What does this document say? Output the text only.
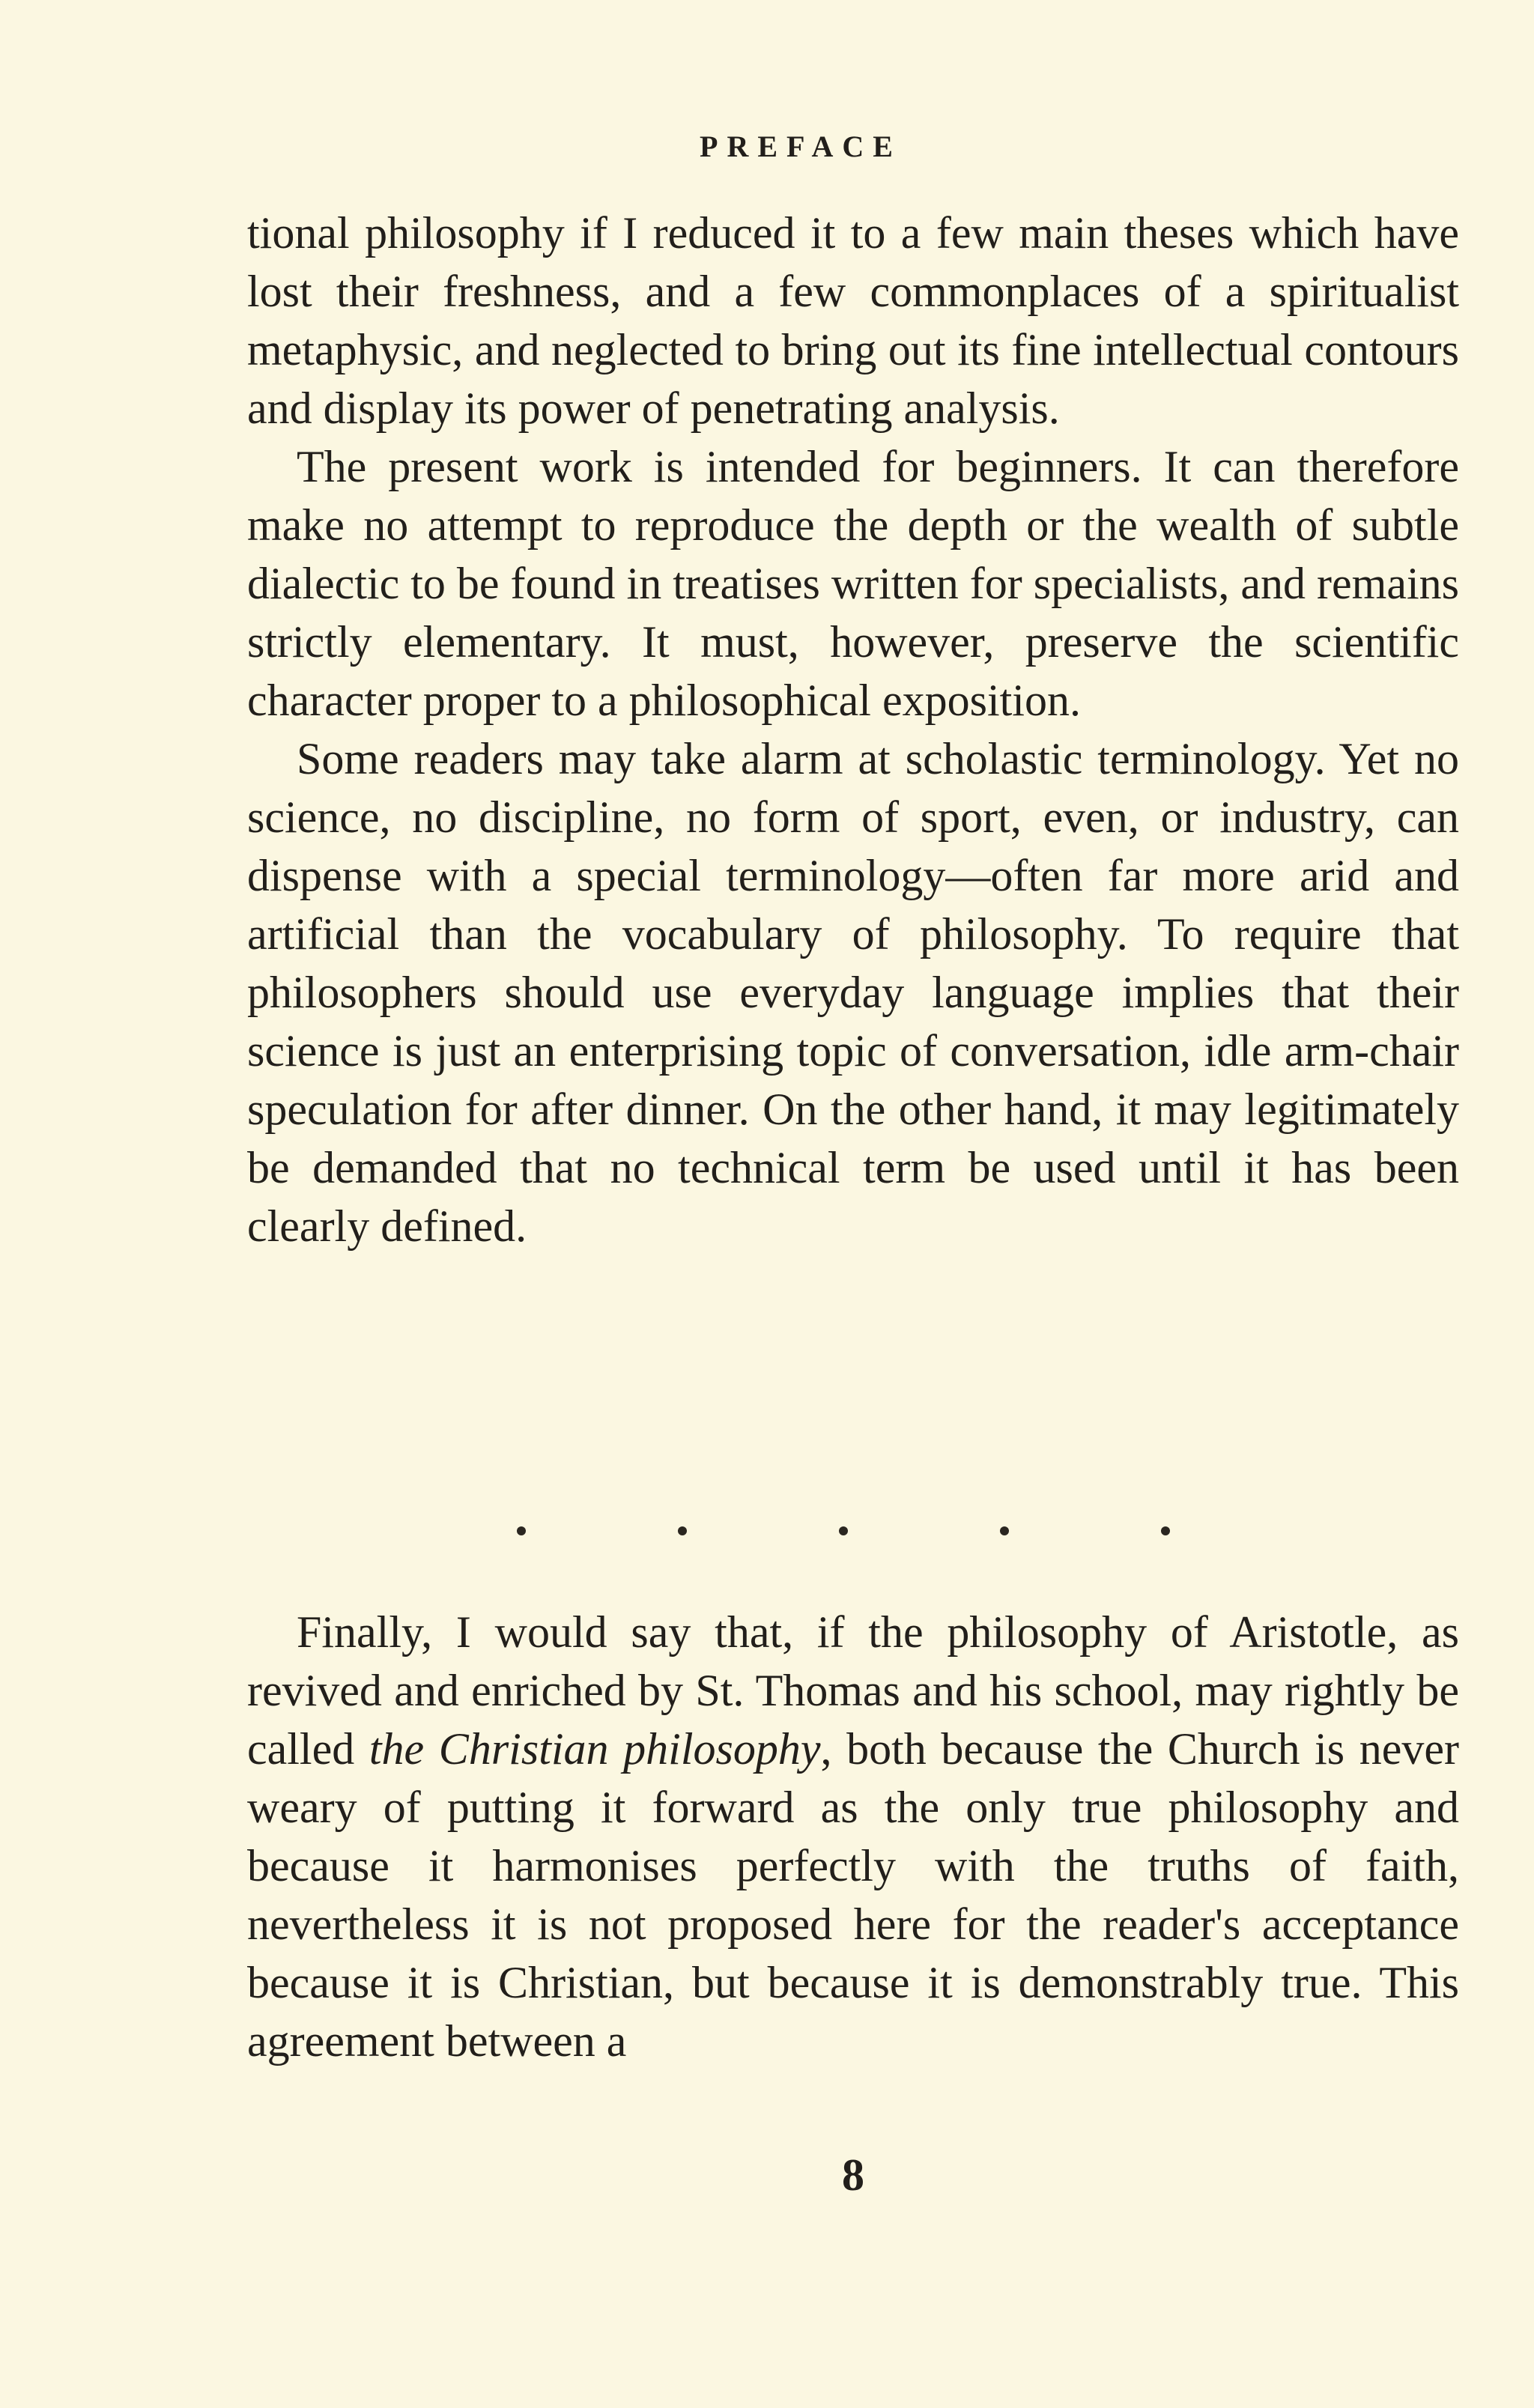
PREFACE

tional philosophy if I reduced it to a few main theses which have lost their freshness, and a few commonplaces of a spiritualist metaphysic, and neglected to bring out its fine intellectual contours and display its power of penetrating analysis.

The present work is intended for beginners. It can therefore make no attempt to reproduce the depth or the wealth of subtle dialectic to be found in treatises written for specialists, and remains strictly elementary. It must, however, preserve the scientific character proper to a philosophical exposition.

Some readers may take alarm at scholastic terminology. Yet no science, no discipline, no form of sport, even, or industry, can dispense with a special terminology—often far more arid and artificial than the vocabulary of philosophy. To require that philosophers should use everyday language implies that their science is just an enterprising topic of conversation, idle arm-chair speculation for after dinner. On the other hand, it may legitimately be demanded that no technical term be used until it has been clearly defined.

Finally, I would say that, if the philosophy of Aristotle, as revived and enriched by St. Thomas and his school, may rightly be called the Christian philosophy, both because the Church is never weary of putting it forward as the only true philosophy and because it harmonises perfectly with the truths of faith, nevertheless it is not proposed here for the reader's acceptance because it is Christian, but because it is demonstrably true. This agreement between a

8
